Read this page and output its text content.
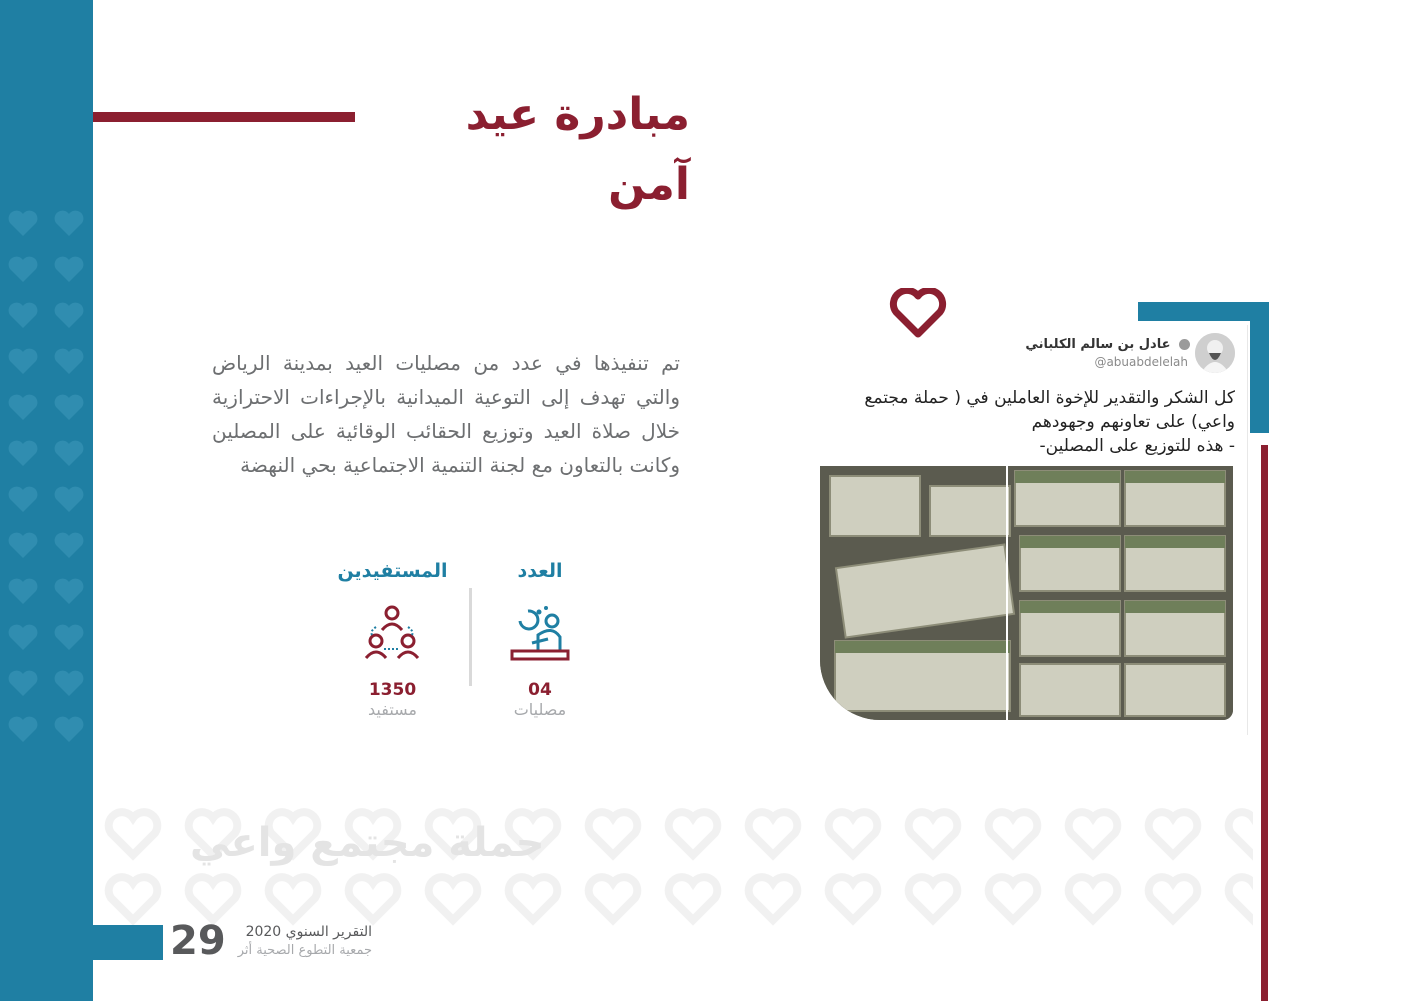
مبادرة عيد آمن
تم تنفيذها في عدد من مصليات العيد بمدينة الرياض والتي تهدف إلى التوعية الميدانية بالإجراءات الاحترازية خلال صلاة العيد وتوزيع الحقائب الوقائية على المصلين وكانت بالتعاون مع لجنة التنمية الاجتماعية بحي النهضة
العدد
المستفيدين
04
1350
مصليات
مستفيد
حملة مجتمع واعي
عادل بن سالم الكلباني
@abuabdelelah
كل الشكر والتقدير للإخوة العاملين في ( حملة مجتمع واعي) على تعاونهم وجهودهم
- هذه للتوزيع على المصلين-
29	التقرير السنوي 2020
جمعية التطوع الصحية أثر
